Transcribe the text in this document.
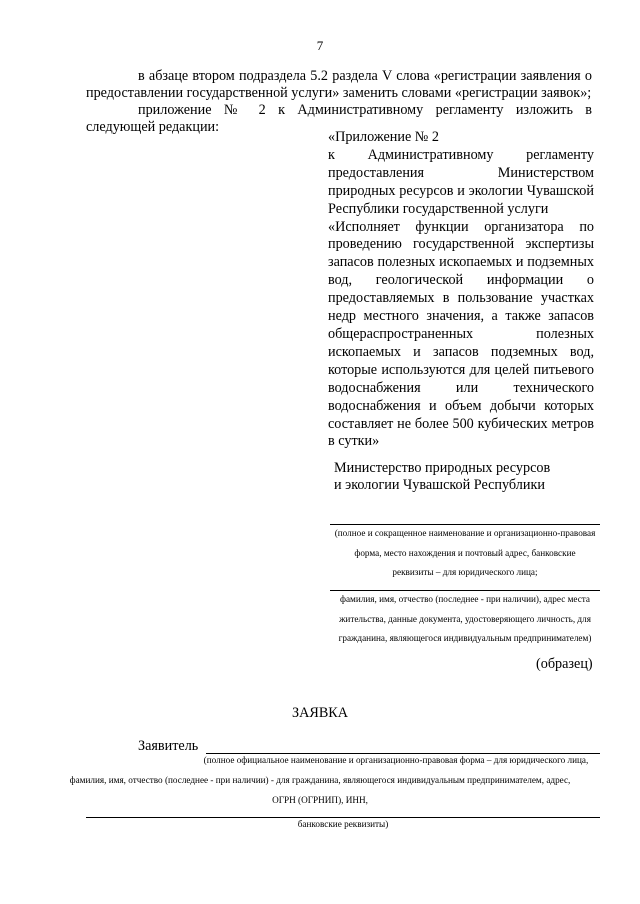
7
в абзаце втором подраздела 5.2 раздела V слова «регистрации заявления о предоставлении государственной услуги» заменить словами «регистрации заявок»;
приложение № 2 к Административному регламенту изложить в следующей редакции:

«Приложение № 2

к Административному регламенту предоставления Министерством природных ресурсов и экологии Чувашской Республики государственной услуги

«Исполняет функции организатора по проведению государственной экспертизы запасов полезных ископаемых и подземных вод, геологической информации о предоставляемых в пользование участках недр местного значения, а также запасов общераспространенных полезных ископаемых и запасов подземных вод, которые используются для целей питьевого водоснабжения или технического водоснабжения и объем добычи которых составляет не более 500 кубических метров в сутки»

Министерство природных ресурсов
и экологии Чувашской Республики
(полное и сокращенное наименование и организационно-правовая
форма, место нахождения и почтовый адрес, банковские
реквизиты – для юридического лица;
фамилия, имя, отчество (последнее - при наличии), адрес места
жительства, данные документа, удостоверяющего личность, для
гражданина, являющегося индивидуальным предпринимателем)
(образец)
ЗАЯВКА
Заявитель
(полное официальное наименование и организационно-правовая форма – для юридического лица,
фамилия, имя, отчество (последнее - при наличии) - для гражданина, являющегося индивидуальным предпринимателем, адрес,
ОГРН (ОГРНИП), ИНН,
банковские реквизиты)
